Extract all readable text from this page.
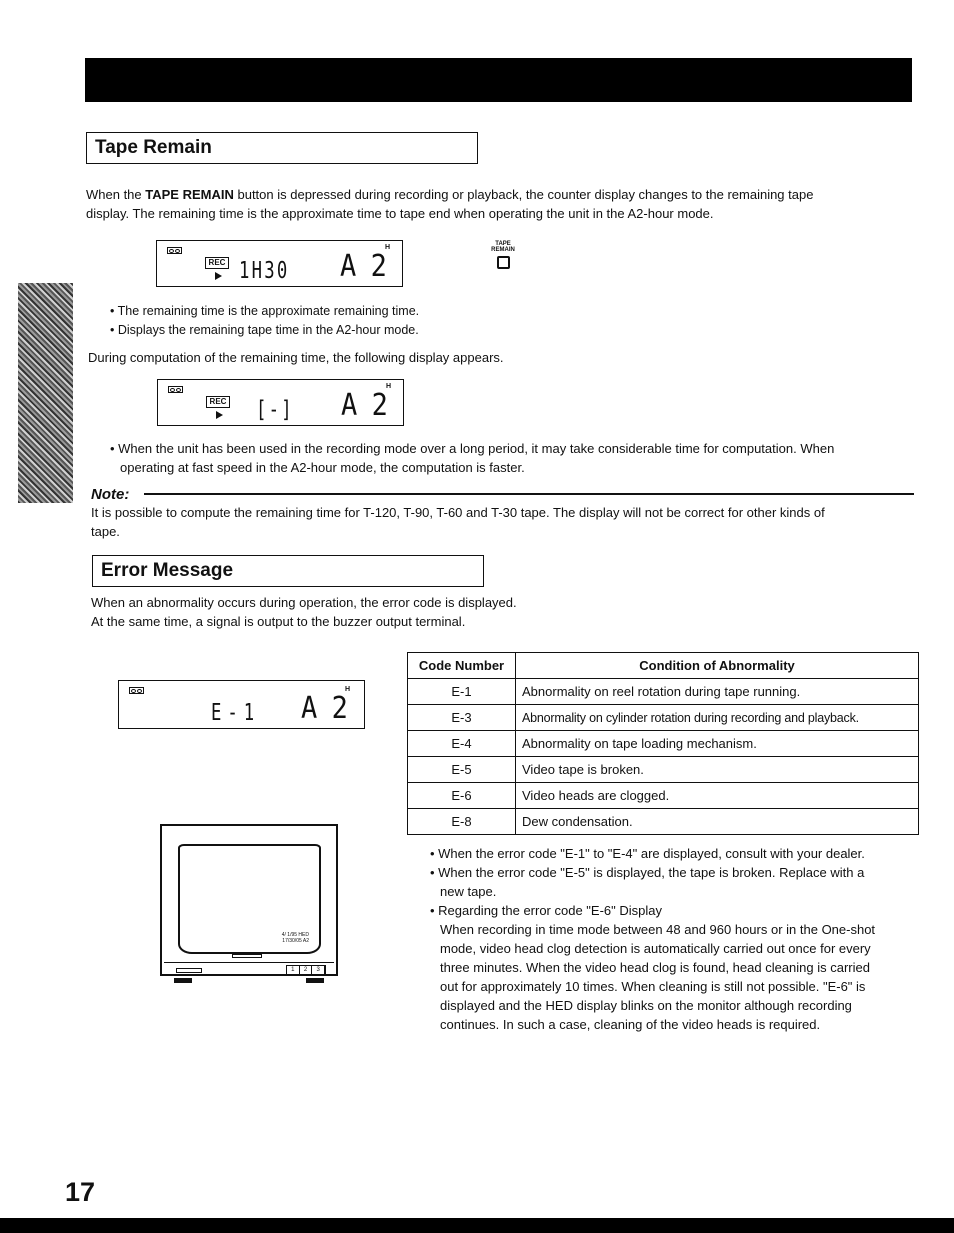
Tape Remain
When the TAPE REMAIN button is depressed during recording or playback, the counter display changes to the remaining tape
display. The remaining time is the approximate time to tape end when operating the unit in the A2-hour mode.
H
REC 1H30 A2
TAPE
REMAIN
• The remaining time is the approximate remaining time.
• Displays the remaining tape time in the A2-hour mode.
During computation of the remaining time, the following display appears.
H
REC [-] A2
• When the unit has been used in the recording mode over a long period, it may take considerable time for computation. When
operating at fast speed in the A2-hour mode, the computation is faster.
Note:
It is possible to compute the remaining time for T-120, T-90, T-60 and T-30 tape. The display will not be correct for other kinds of
tape.
Error Message
When an abnormality occurs during operation, the error code is displayed.
At the same time, a signal is output to the buzzer output terminal.
H
E-1 A2
Code Number	Condition of Abnormality
E-1	Abnormality on reel rotation during tape running.
E-3	Abnormality on cylinder rotation during recording and playback.
E-4	Abnormality on tape loading mechanism.
E-5	Video tape is broken.
E-6	Video heads are clogged.
E-8	Dew condensation.
• When the error code "E-1" to "E-4" are displayed, consult with your dealer.
• When the error code "E-5" is displayed, the tape is broken. Replace with a
new tape.
• Regarding the error code "E-6" Display
When recording in time mode between 48 and 960 hours or in the One-shot
mode, video head clog detection is automatically carried out once for every
three minutes. When the video head clog is found, head cleaning is carried
out for approximately 10 times. When cleaning is still not possible. "E-6" is
displayed and the HED display blinks on the monitor although recording
continues. In such a case, cleaning of the video heads is required.
4/ 1/95 HED
17/30/05 A2
1	2	3
17
